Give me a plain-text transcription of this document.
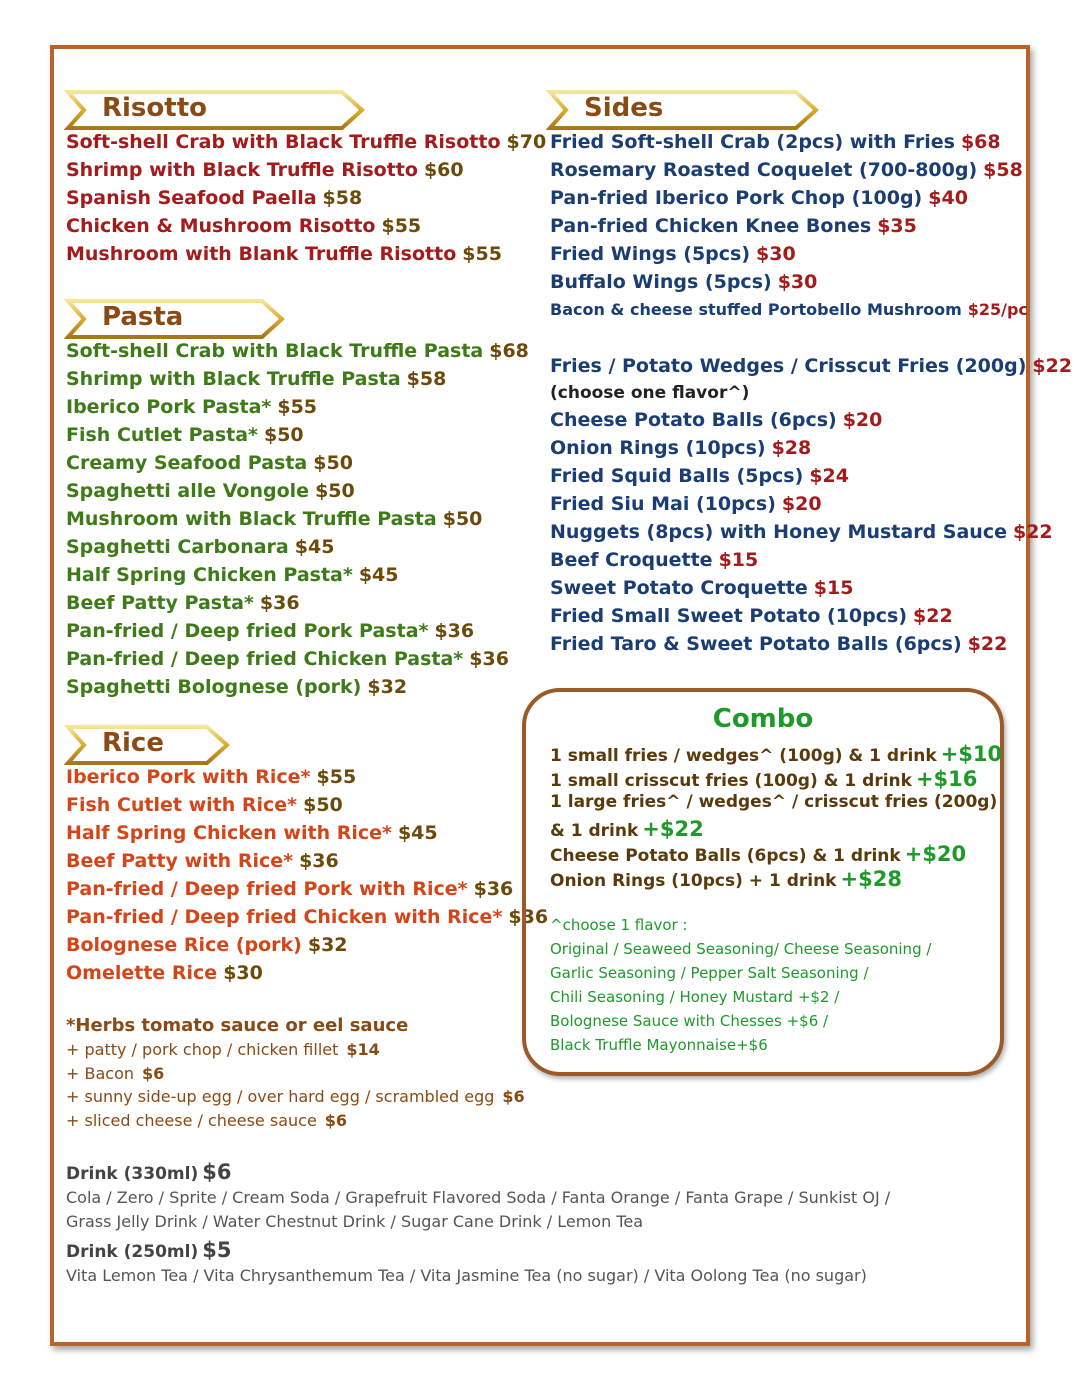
Risotto
Soft-shell Crab with Black Truffle Risotto $70
Shrimp with Black Truffle Risotto $60
Spanish Seafood Paella $58
Chicken & Mushroom Risotto $55
Mushroom with Blank Truffle Risotto $55
Pasta
Soft-shell Crab with Black Truffle Pasta $68
Shrimp with Black Truffle Pasta $58
Iberico Pork Pasta* $55
Fish Cutlet Pasta* $50
Creamy Seafood Pasta $50
Spaghetti alle Vongole $50
Mushroom with Black Truffle Pasta $50
Spaghetti Carbonara $45
Half Spring Chicken Pasta* $45
Beef Patty Pasta* $36
Pan-fried / Deep fried Pork Pasta* $36
Pan-fried / Deep fried Chicken Pasta* $36
Spaghetti Bolognese (pork) $32
Rice
Iberico Pork with Rice* $55
Fish Cutlet with Rice* $50
Half Spring Chicken with Rice* $45
Beef Patty with Rice* $36
Pan-fried / Deep fried Pork with Rice* $36
Pan-fried / Deep fried Chicken with Rice* $36
Bolognese Rice (pork) $32
Omelette Rice $30
*Herbs tomato sauce or eel sauce
+ patty / pork chop / chicken fillet $14
+ Bacon $6
+ sunny side-up egg / over hard egg / scrambled egg $6
+ sliced cheese / cheese sauce $6
Sides
Fried Soft-shell Crab (2pcs) with Fries $68
Rosemary Roasted Coquelet (700-800g) $58
Pan-fried Iberico Pork Chop (100g) $40
Pan-fried Chicken Knee Bones $35
Fried Wings (5pcs) $30
Buffalo Wings (5pcs) $30
Bacon & cheese stuffed Portobello Mushroom $25/pc
Fries / Potato Wedges / Crisscut Fries (200g) $22
(choose one flavor^)
Cheese Potato Balls (6pcs) $20
Onion Rings (10pcs) $28
Fried Squid Balls (5pcs) $24
Fried Siu Mai (10pcs) $20
Nuggets (8pcs) with Honey Mustard Sauce $22
Beef Croquette $15
Sweet Potato Croquette $15
Fried Small Sweet Potato (10pcs) $22
Fried Taro & Sweet Potato Balls (6pcs) $22
Combo
1 small fries / wedges^ (100g) & 1 drink +$10
1 small crisscut fries (100g) & 1 drink +$16
1 large fries^ / wedges^ / crisscut fries (200g)
& 1 drink +$22
Cheese Potato Balls (6pcs) & 1 drink +$20
Onion Rings (10pcs) + 1 drink +$28
^choose 1 flavor :
Original / Seaweed Seasoning/ Cheese Seasoning /
Garlic Seasoning / Pepper Salt Seasoning /
Chili Seasoning / Honey Mustard +$2 /
Bolognese Sauce with Chesses +$6 /
Black Truffle Mayonnaise+$6
Drink (330ml) $6
Cola / Zero / Sprite / Cream Soda / Grapefruit Flavored Soda / Fanta Orange / Fanta Grape / Sunkist OJ /
Grass Jelly Drink / Water Chestnut Drink / Sugar Cane Drink / Lemon Tea
Drink (250ml) $5
Vita Lemon Tea / Vita Chrysanthemum Tea / Vita Jasmine Tea (no sugar) / Vita Oolong Tea (no sugar)
